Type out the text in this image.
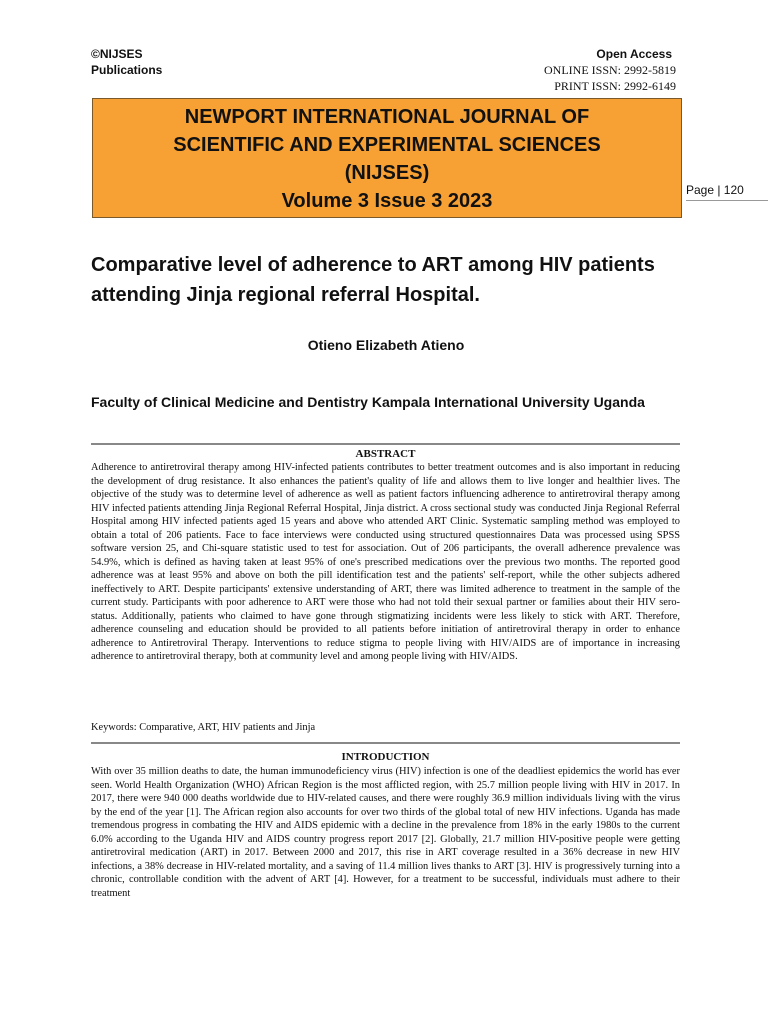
©NIJSES
Publications
Open Access
ONLINE ISSN: 2992-5819
PRINT ISSN: 2992-6149
NEWPORT INTERNATIONAL JOURNAL OF
SCIENTIFIC AND EXPERIMENTAL SCIENCES
(NIJSES)
Volume 3 Issue 3 2023	Page | 120
Comparative level of adherence to ART among HIV patients attending Jinja regional referral Hospital.

Otieno Elizabeth Atieno

Faculty of Clinical Medicine and Dentistry Kampala International University Uganda

ABSTRACT

Adherence to antiretroviral therapy among HIV-infected patients contributes to better treatment outcomes and is also important in reducing the development of drug resistance. It also enhances the patient's quality of life and allows them to live longer and healthier lives. The objective of the study was to determine level of adherence as well as patient factors influencing adherence to antiretroviral therapy among HIV infected patients attending Jinja Regional Referral Hospital, Jinja district. A cross sectional study was conducted Jinja Regional Referral Hospital among HIV infected patients aged 15 years and above who attended ART Clinic. Systematic sampling method was employed to obtain a total of 206 patients. Face to face interviews were conducted using structured questionnaires Data was processed using SPSS software version 25, and Chi-square statistic used to test for association. Out of 206 participants, the overall adherence prevalence was 54.9%, which is defined as having taken at least 95% of one's prescribed medications over the previous two months. The reported good adherence was at least 95% and above on both the pill identification test and the patients' self-report, while the other subjects adhered ineffectively to ART. Despite participants' extensive understanding of ART, there was limited adherence to treatment in the sample of the current study. Participants with poor adherence to ART were those who had not told their sexual partner or families about their HIV sero-status. Additionally, patients who claimed to have gone through stigmatizing incidents were less likely to stick with ART. Therefore, adherence counseling and education should be provided to all patients before initiation of antiretroviral therapy in order to enhance adherence to Antiretroviral Therapy. Interventions to reduce stigma to people living with HIV/AIDS are of importance in increasing adherence to antiretroviral therapy, both at community level and among people living with HIV/AIDS.

Keywords: Comparative, ART, HIV patients and Jinja

INTRODUCTION

With over 35 million deaths to date, the human immunodeficiency virus (HIV) infection is one of the deadliest epidemics the world has ever seen. World Health Organization (WHO) African Region is the most afflicted region, with 25.7 million people living with HIV in 2017. In 2017, there were 940 000 deaths worldwide due to HIV-related causes, and there were roughly 36.9 million individuals living with the virus by the end of the year [1]. The African region also accounts for over two thirds of the global total of new HIV infections. Uganda has made tremendous progress in combating the HIV and AIDS epidemic with a decline in the prevalence from 18% in the early 1980s to the current 6.0% according to the Uganda HIV and AIDS country progress report 2017 [2]. Globally, 21.7 million HIV-positive people were getting antiretroviral medication (ART) in 2017. Between 2000 and 2017, this rise in ART coverage resulted in a 36% decrease in new HIV infections, a 38% decrease in HIV-related mortality, and a saving of 11.4 million lives thanks to ART [3]. HIV is progressively turning into a chronic, controllable condition with the advent of ART [4]. However, for a treatment to be successful, individuals must adhere to their treatment
